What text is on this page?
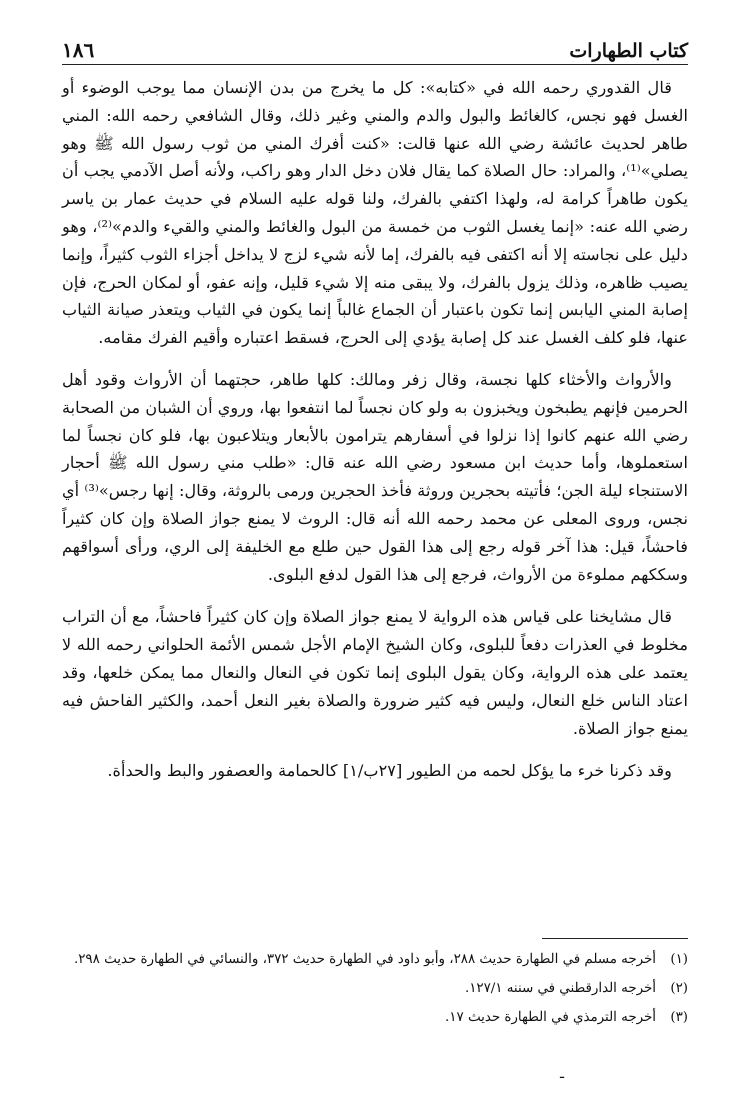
كتاب الطهارات
١٨٦

قال القدوري رحمه الله في «كتابه»: كل ما يخرج من بدن الإنسان مما يوجب الوضوء أو الغسل فهو نجس، كالغائط والبول والدم والمني وغير ذلك، وقال الشافعي رحمه الله: المني طاهر لحديث عائشة رضي الله عنها قالت: «كنت أفرك المني من ثوب رسول الله ﷺ وهو يصلي»⁽¹⁾، والمراد: حال الصلاة كما يقال فلان دخل الدار وهو راكب، ولأنه أصل الآدمي يجب أن يكون طاهراً كرامة له، ولهذا اكتفي بالفرك، ولنا قوله عليه السلام في حديث عمار بن ياسر رضي الله عنه: «إنما يغسل الثوب من خمسة من البول والغائط والمني والقيء والدم»⁽²⁾، وهو دليل على نجاسته إلا أنه اكتفى فيه بالفرك، إما لأنه شيء لزج لا يداخل أجزاء الثوب كثيراً، وإنما يصيب ظاهره، وذلك يزول بالفرك، ولا يبقى منه إلا شيء قليل، وإنه عفو، أو لمكان الحرج، فإن إصابة المني اليابس إنما تكون باعتبار أن الجماع غالباً إنما يكون في الثياب ويتعذر صيانة الثياب عنها، فلو كلف الغسل عند كل إصابة يؤدي إلى الحرج، فسقط اعتباره وأقيم الفرك مقامه.

والأرواث والأخثاء كلها نجسة، وقال زفر ومالك: كلها طاهر، حجتهما أن الأرواث وقود أهل الحرمين فإنهم يطبخون ويخبزون به ولو كان نجساً لما انتفعوا بها، وروي أن الشبان من الصحابة رضي الله عنهم كانوا إذا نزلوا في أسفارهم يترامون بالأبعار ويتلاعبون بها، فلو كان نجساً لما استعملوها، وأما حديث ابن مسعود رضي الله عنه قال: «طلب مني رسول الله ﷺ أحجار الاستنجاء ليلة الجن؛ فأتيته بحجرين وروثة فأخذ الحجرين ورمى بالروثة، وقال: إنها رجس»⁽³⁾ أي نجس، وروى المعلى عن محمد رحمه الله أنه قال: الروث لا يمنع جواز الصلاة وإن كان كثيراً فاحشاً، قيل: هذا آخر قوله رجع إلى هذا القول حين طلع مع الخليفة إلى الري، ورأى أسواقهم وسككهم مملوءة من الأرواث، فرجع إلى هذا القول لدفع البلوى.

قال مشايخنا على قياس هذه الرواية لا يمنع جواز الصلاة وإن كان كثيراً فاحشاً، مع أن التراب مخلوط في العذرات دفعاً للبلوى، وكان الشيخ الإمام الأجل شمس الأئمة الحلواني رحمه الله لا يعتمد على هذه الرواية، وكان يقول البلوى إنما تكون في النعال والنعال مما يمكن خلعها، وقد اعتاد الناس خلع النعال، وليس فيه كثير ضرورة والصلاة بغير النعل أحمد، والكثير الفاحش فيه يمنع جواز الصلاة.

وقد ذكرنا خرء ما يؤكل لحمه من الطيور [٢٧ب/١] كالحمامة والعصفور والبط والحدأة.

(١)
أخرجه مسلم في الطهارة حديث ٢٨٨، وأبو داود في الطهارة حديث ٣٧٢، والنسائي في الطهارة حديث ٢٩٨.
(٢)
أخرجه الدارقطني في سننه ١٢٧/١.
(٣)
أخرجه الترمذي في الطهارة حديث ١٧.
ـ
